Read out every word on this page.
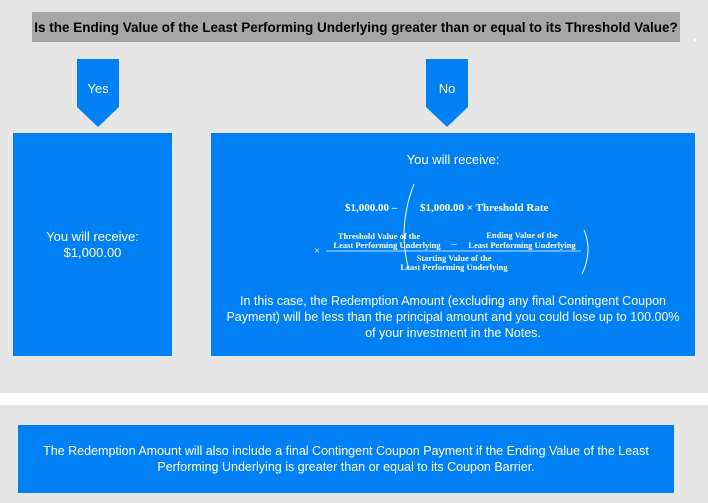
Is the Ending Value of the Least Performing Underlying greater than or equal to its Threshold Value?
Yes	No
You will receive:
$1,000.00
You will receive:
$1,000.00 – $1,000.00 × Threshold Rate
×
Threshold Value of the
Least Performing Underlying –
Ending Value of the
Least Performing Underlying
Starting Value of the
Least Performing Underlying
In this case, the Redemption Amount (excluding any final Contingent Coupon Payment) will be less than the principal amount and you could lose up to 100.00% of your investment in the Notes.
The Redemption Amount will also include a final Contingent Coupon Payment if the Ending Value of the Least Performing Underlying is greater than or equal to its Coupon Barrier.
